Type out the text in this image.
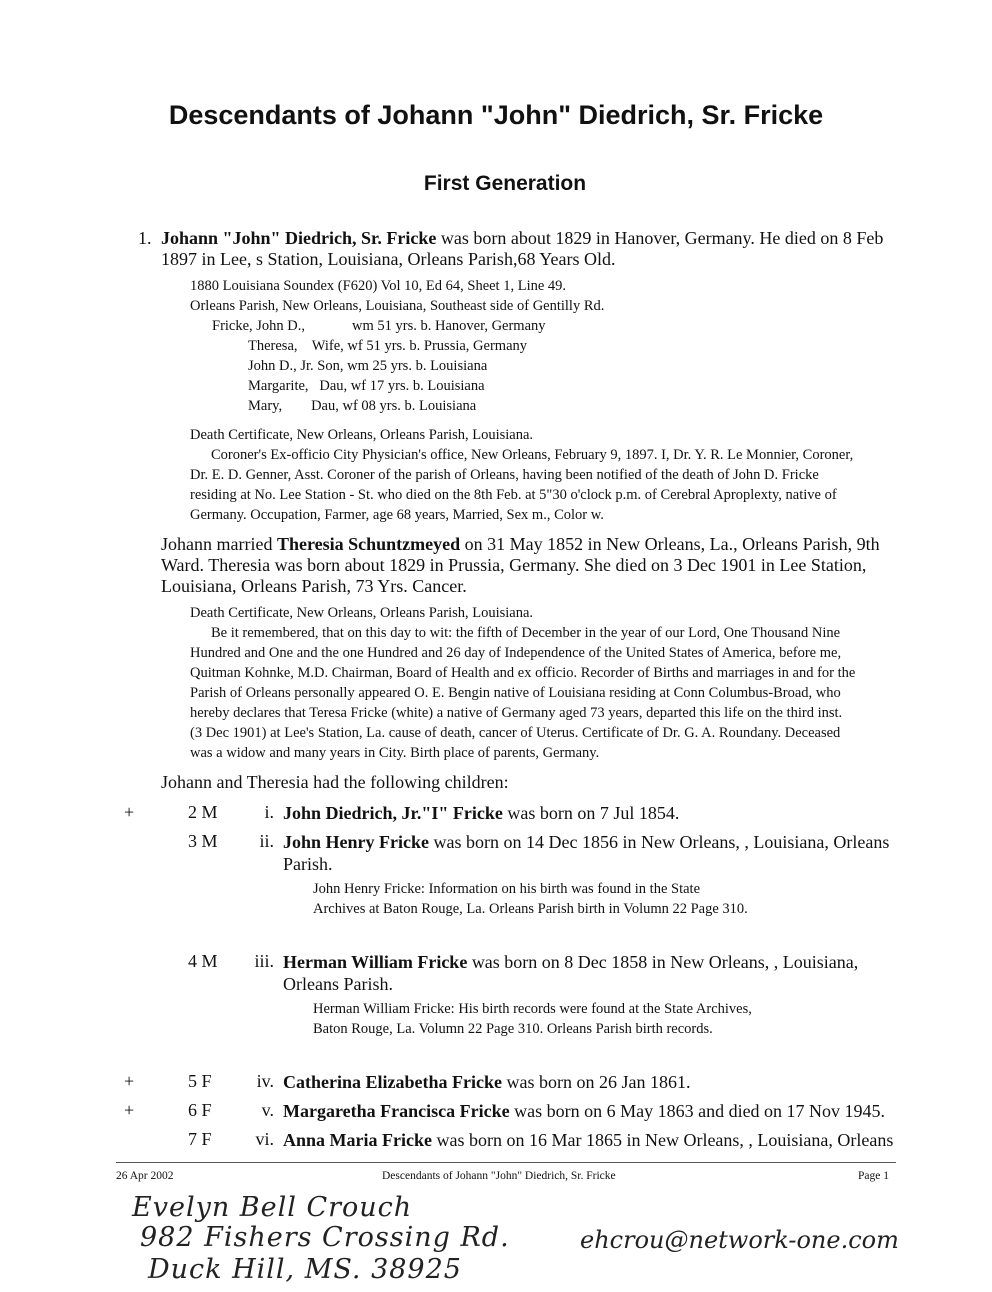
Descendants of Johann "John" Diedrich, Sr. Fricke
First Generation
1. Johann "John" Diedrich, Sr. Fricke was born about 1829 in Hanover, Germany. He died on 8 Feb
1897 in Lee, s Station, Louisiana, Orleans Parish,68 Years Old.
1880 Louisiana Soundex (F620) Vol 10, Ed 64, Sheet 1, Line 49.
Orleans Parish, New Orleans, Louisiana, Southeast side of Gentilly Rd.
Fricke, John D.,	wm 51 yrs. b. Hanover, Germany
Theresa,    Wife, wf 51 yrs. b. Prussia, Germany
John D., Jr. Son, wm 25 yrs. b. Louisiana
Margarite,   Dau, wf 17 yrs. b. Louisiana
Mary,        Dau, wf 08 yrs. b. Louisiana
Death Certificate, New Orleans, Orleans Parish, Louisiana.
Coroner's Ex-officio City Physician's office, New Orleans, February 9, 1897. I, Dr. Y. R. Le Monnier, Coroner,
Dr. E. D. Genner, Asst. Coroner of the parish of Orleans, having been notified of the death of John D. Fricke
residing at No. Lee Station - St. who died on the 8th Feb. at 5"30 o'clock p.m. of Cerebral Aproplexty, native of
Germany. Occupation, Farmer, age 68 years, Married, Sex m., Color w.
Johann married Theresia Schuntzmeyed on 31 May 1852 in New Orleans, La., Orleans Parish, 9th
Ward. Theresia was born about 1829 in Prussia, Germany. She died on 3 Dec 1901 in Lee Station,
Louisiana, Orleans Parish, 73 Yrs. Cancer.
Death Certificate, New Orleans, Orleans Parish, Louisiana.
Be it remembered, that on this day to wit: the fifth of December in the year of our Lord, One Thousand Nine
Hundred and One and the one Hundred and 26 day of Independence of the United States of America, before me,
Quitman Kohnke, M.D. Chairman, Board of Health and ex officio. Recorder of Births and marriages in and for the
Parish of Orleans personally appeared O. E. Bengin native of Louisiana residing at Conn Columbus-Broad, who
hereby declares that Teresa Fricke (white) a native of Germany aged 73 years, departed this life on the third inst.
(3 Dec 1901) at Lee's Station, La. cause of death, cancer of Uterus. Certificate of Dr. G. A. Roundany. Deceased
was a widow and many years in City. Birth place of parents, Germany.
Johann and Theresia had the following children:
+	2 M	i. John Diedrich, Jr."I" Fricke was born on 7 Jul 1854.
3 M	ii. John Henry Fricke was born on 14 Dec 1856 in New Orleans, , Louisiana, Orleans Parish.
John Henry Fricke: Information on his birth was found in the State Archives at Baton Rouge, La. Orleans Parish birth in Volumn 22 Page 310.
4 M	iii. Herman William Fricke was born on 8 Dec 1858 in New Orleans, , Louisiana, Orleans Parish.
Herman William Fricke: His birth records were found at the State Archives, Baton Rouge, La. Volumn 22 Page 310. Orleans Parish birth records.
+	5 F	iv. Catherina Elizabetha Fricke was born on 26 Jan 1861.
+	6 F	v. Margaretha Francisca Fricke was born on 6 May 1863 and died on 17 Nov 1945.
7 F	vi. Anna Maria Fricke was born on 16 Mar 1865 in New Orleans, , Louisiana, Orleans
26 Apr 2002	Descendants of Johann "John" Diedrich, Sr. Fricke	Page 1
Evelyn Bell Crouch
982 Fishers Crossing Rd.
Duck Hill, MS. 38925
ehcrou@network-one.com
